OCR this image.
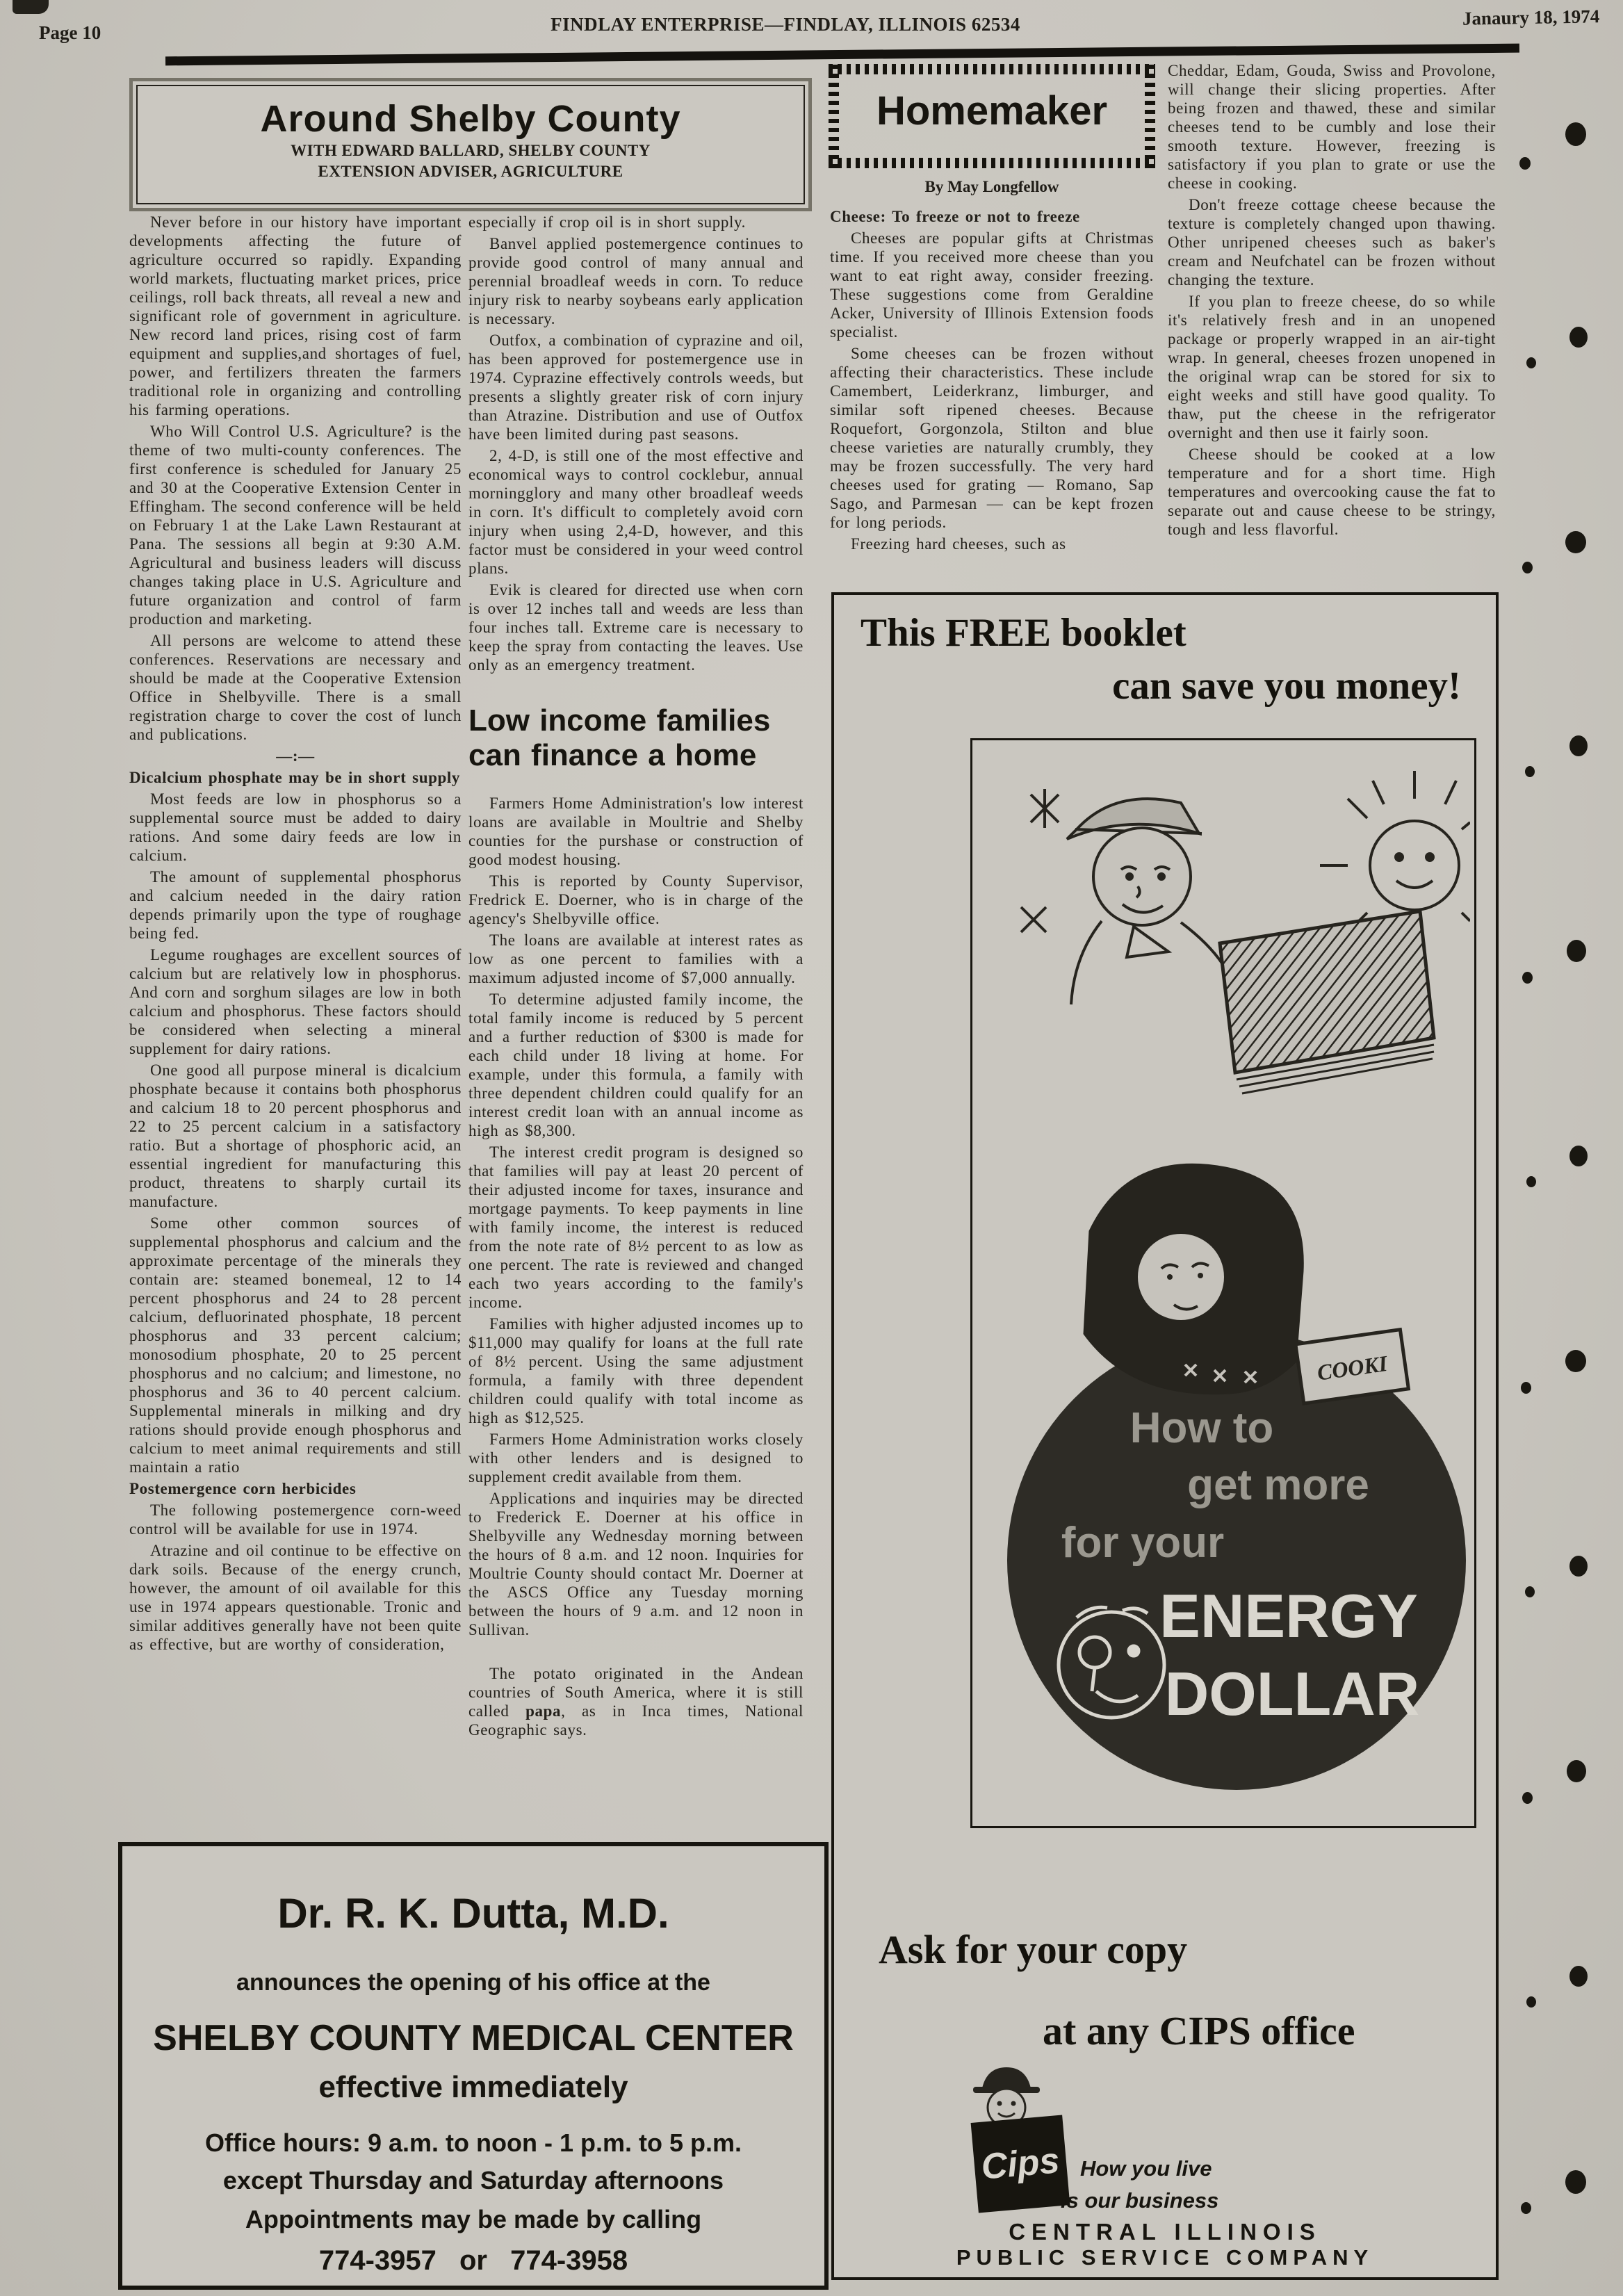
Page 10	FINDLAY ENTERPRISE—FINDLAY, ILLINOIS 62534	Janaury 18, 1974
Around Shelby County
WITH EDWARD BALLARD, SHELBY COUNTY
EXTENSION ADVISER, AGRICULTURE

Never before in our history have important developments affecting the future of agriculture occurred so rapidly. Expanding world markets, fluctuating market prices, price ceilings, roll back threats, all reveal a new and significant role of government in agriculture. New record land prices, rising cost of farm equipment and supplies,and shortages of fuel, power, and fertilizers threaten the farmers traditional role in organizing and controlling his farming operations.

Who Will Control U.S. Agriculture? is the theme of two multi-county conferences. The first conference is scheduled for January 25 and 30 at the Cooperative Extension Center in Effingham. The second conference will be held on February 1 at the Lake Lawn Restaurant at Pana. The sessions all begin at 9:30 A.M. Agricultural and business leaders will discuss changes taking place in U.S. Agriculture and future organization and control of farm production and marketing.

All persons are welcome to attend these conferences. Reservations are necessary and should be made at the Cooperative Extension Office in Shelbyville. There is a small registration charge to cover the cost of lunch and publications.

—:—

Dicalcium phosphate may be in short supply

Most feeds are low in phosphorus so a supplemental source must be added to dairy rations. And some dairy feeds are low in calcium.

The amount of supplemental phosphorus and calcium needed in the dairy ration depends primarily upon the type of roughage being fed.

Legume roughages are excellent sources of calcium but are relatively low in phosphorus. And corn and sorghum silages are low in both calcium and phosphorus. These factors should be considered when selecting a mineral supplement for dairy rations.

One good all purpose mineral is dicalcium phosphate because it contains both phosphorus and calcium 18 to 20 percent phosphorus and 22 to 25 percent calcium in a satisfactory ratio. But a shortage of phosphoric acid, an essential ingredient for manufacturing this product, threatens to sharply curtail its manufacture.

Some other common sources of supplemental phosphorus and calcium and the approximate percentage of the minerals they contain are: steamed bonemeal, 12 to 14 percent phosphorus and 24 to 28 percent calcium, defluorinated phosphate, 18 percent phosphorus and 33 percent calcium; monosodium phosphate, 20 to 25 percent phosphorus and no calcium; and limestone, no phosphorus and 36 to 40 percent calcium. Supplemental minerals in milking and dry rations should provide enough phosphorus and calcium to meet animal requirements and still maintain a ratio

Postemergence corn herbicides

The following postemergence corn-weed control will be available for use in 1974.

Atrazine and oil continue to be effective on dark soils. Because of the energy crunch, however, the amount of oil available for this use in 1974 appears questionable. Tronic and similar additives generally have not been quite as effective, but are worthy of consideration,

especially if crop oil is in short supply.

Banvel applied postemergence continues to provide good control of many annual and perennial broadleaf weeds in corn. To reduce injury risk to nearby soybeans early application is necessary.

Outfox, a combination of cyprazine and oil, has been approved for postemergence use in 1974. Cyprazine effectively controls weeds, but presents a slightly greater risk of corn injury than Atrazine. Distribution and use of Outfox have been limited during past seasons.

2, 4-D, is still one of the most effective and economical ways to control cocklebur, annual morningglory and many other broadleaf weeds in corn. It's difficult to completely avoid corn injury when using 2,4-D, however, and this factor must be considered in your weed control plans.

Evik is cleared for directed use when corn is over 12 inches tall and weeds are less than four inches tall. Extreme care is necessary to keep the spray from contacting the leaves. Use only as an emergency treatment.

Low income families
can finance a home

Farmers Home Administration's low interest loans are available in Moultrie and Shelby counties for the purshase or construction of good modest housing.

This is reported by County Supervisor, Fredrick E. Doerner, who is in charge of the agency's Shelbyville office.

The loans are available at interest rates as low as one percent to families with a maximum adjusted income of $7,000 annually.

To determine adjusted family income, the total family income is reduced by 5 percent and a further reduction of $300 is made for each child under 18 living at home. For example, under this formula, a family with three dependent children could qualify for an interest credit loan with an annual income as high as $8,300.

The interest credit program is designed so that families will pay at least 20 percent of their adjusted income for taxes, insurance and mortgage payments. To keep payments in line with family income, the interest is reduced from the note rate of 8½ percent to as low as one percent. The rate is reviewed and changed each two years according to the family's income.

Families with higher adjusted incomes up to $11,000 may qualify for loans at the full rate of 8½ percent. Using the same adjustment formula, a family with three dependent children could qualify with total income as high as $12,525.

Farmers Home Administration works closely with other lenders and is designed to supplement credit available from them.

Applications and inquiries may be directed to Frederick E. Doerner at his office in Shelbyville any Wednesday morning between the hours of 8 a.m. and 12 noon. Inquiries for Moultrie County should contact Mr. Doerner at the ASCS Office any Tuesday morning between the hours of 9 a.m. and 12 noon in Sullivan.

The potato originated in the Andean countries of South America, where it is still called papa, as in Inca times, National Geographic says.

Homemaker
By May Longfellow

Cheese: To freeze or not to freeze

Cheeses are popular gifts at Christmas time. If you received more cheese than you want to eat right away, consider freezing. These suggestions come from Geraldine Acker, University of Illinois Extension foods specialist.

Some cheeses can be frozen without affecting their characteristics. These include Camembert, Leiderkranz, limburger, and similar soft ripened cheeses. Because Roquefort, Gorgonzola, Stilton and blue cheese varieties are naturally crumbly, they may be frozen successfully. The very hard cheeses used for grating — Romano, Sap Sago, and Parmesan — can be kept frozen for long periods.

Freezing hard cheeses, such as

Cheddar, Edam, Gouda, Swiss and Provolone, will change their slicing properties. After being frozen and thawed, these and similar cheeses tend to be cumbly and lose their smooth texture. However, freezing is satisfactory if you plan to grate or use the cheese in cooking.

Don't freeze cottage cheese because the texture is completely changed upon thawing. Other unripened cheeses such as baker's cream and Neufchatel can be frozen without changing the texture.

If you plan to freeze cheese, do so while it's relatively fresh and in an unopened package or properly wrapped in an air-tight wrap. In general, cheeses frozen unopened in the original wrap can be stored for six to eight weeks and still have good quality. To thaw, put the cheese in the refrigerator overnight and then use it fairly soon.

Cheese should be cooked at a low temperature and for a short time. High temperatures and overcooking cause the fat to separate out and cause cheese to be stringy, tough and less flavorful.

This FREE booklet
can save you money!
COOKI
How to
get more
for your
ENERGY
DOLLAR
Ask for your copy
at any CIPS office
Cips How you live
is our business
CENTRAL ILLINOIS
PUBLIC SERVICE COMPANY
Dr. R. K. Dutta, M.D.
announces the opening of his office at the
SHELBY COUNTY MEDICAL CENTER
effective immediately
Office hours: 9 a.m. to noon - 1 p.m. to 5 p.m.
except Thursday and Saturday afternoons
Appointments may be made by calling
774-3957 or 774-3958
